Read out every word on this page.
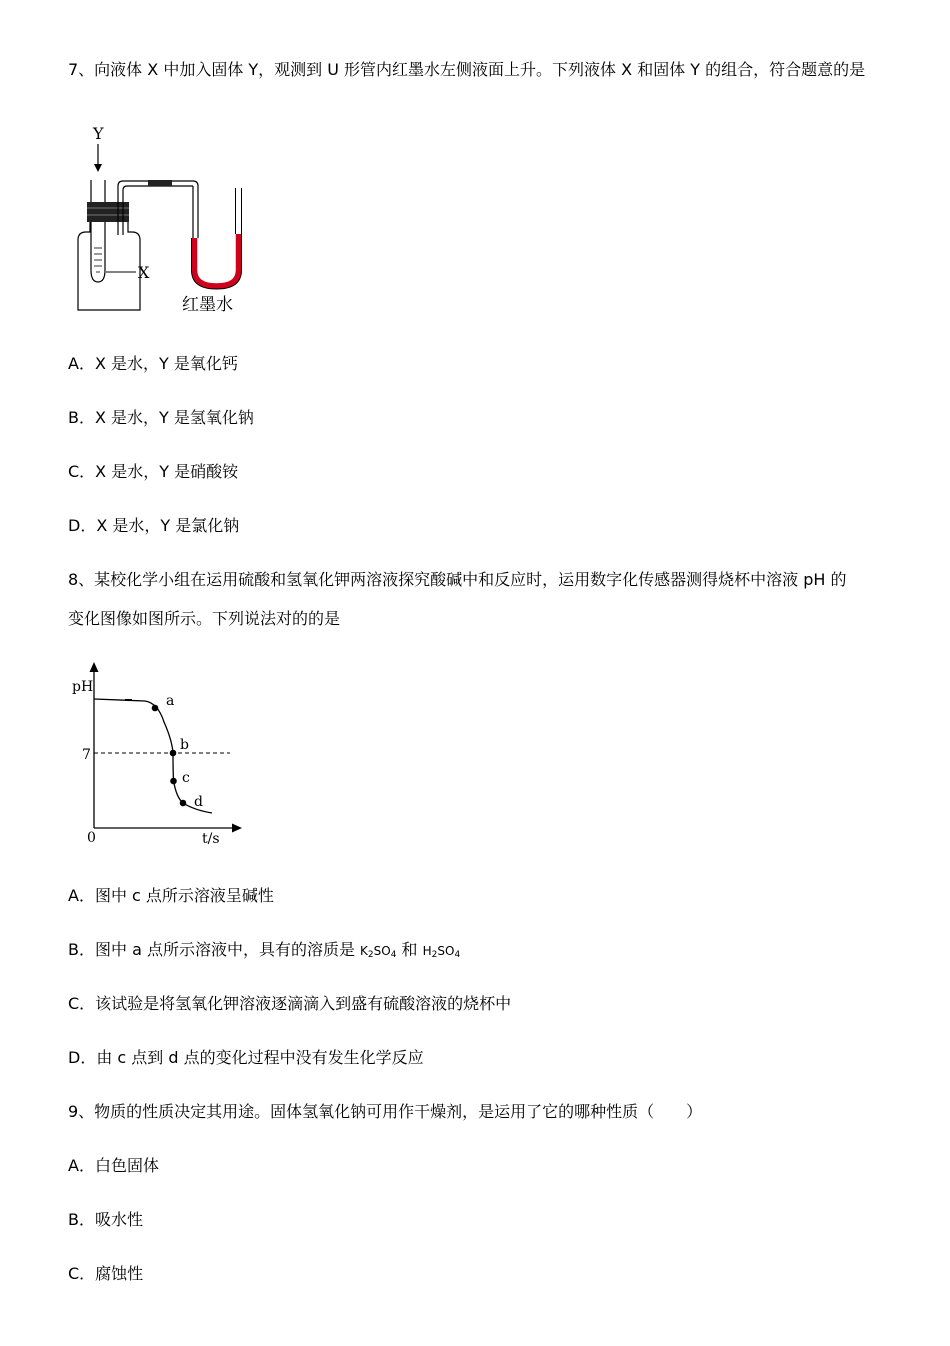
7、向液体 X 中加入固体 Y，观测到 U 形管内红墨水左侧液面上升。下列液体 X 和固体 Y 的组合，符合题意的是

Y
X
红墨水

A．X 是水，Y 是氧化钙

B．X 是水，Y 是氢氧化钠

C．X 是水，Y 是硝酸铵

D．X 是水，Y 是氯化钠

8、某校化学小组在运用硫酸和氢氧化钾两溶液探究酸碱中和反应时，运用数字化传感器测得烧杯中溶液 pH 的

变化图像如图所示。下列说法对的的是

pH
t/s
0
7
a
b
c
d

A．图中 c 点所示溶液呈碱性

B．图中 a 点所示溶液中，具有的溶质是 $K_2SO_4$ 和 $H_2SO_4$

C．该试验是将氢氧化钾溶液逐滴滴入到盛有硫酸溶液的烧杯中

D．由 c 点到 d 点的变化过程中没有发生化学反应

9、物质的性质决定其用途。固体氢氧化钠可用作干燥剂，是运用了它的哪种性质（　　）

A．白色固体

B．吸水性

C．腐蚀性
